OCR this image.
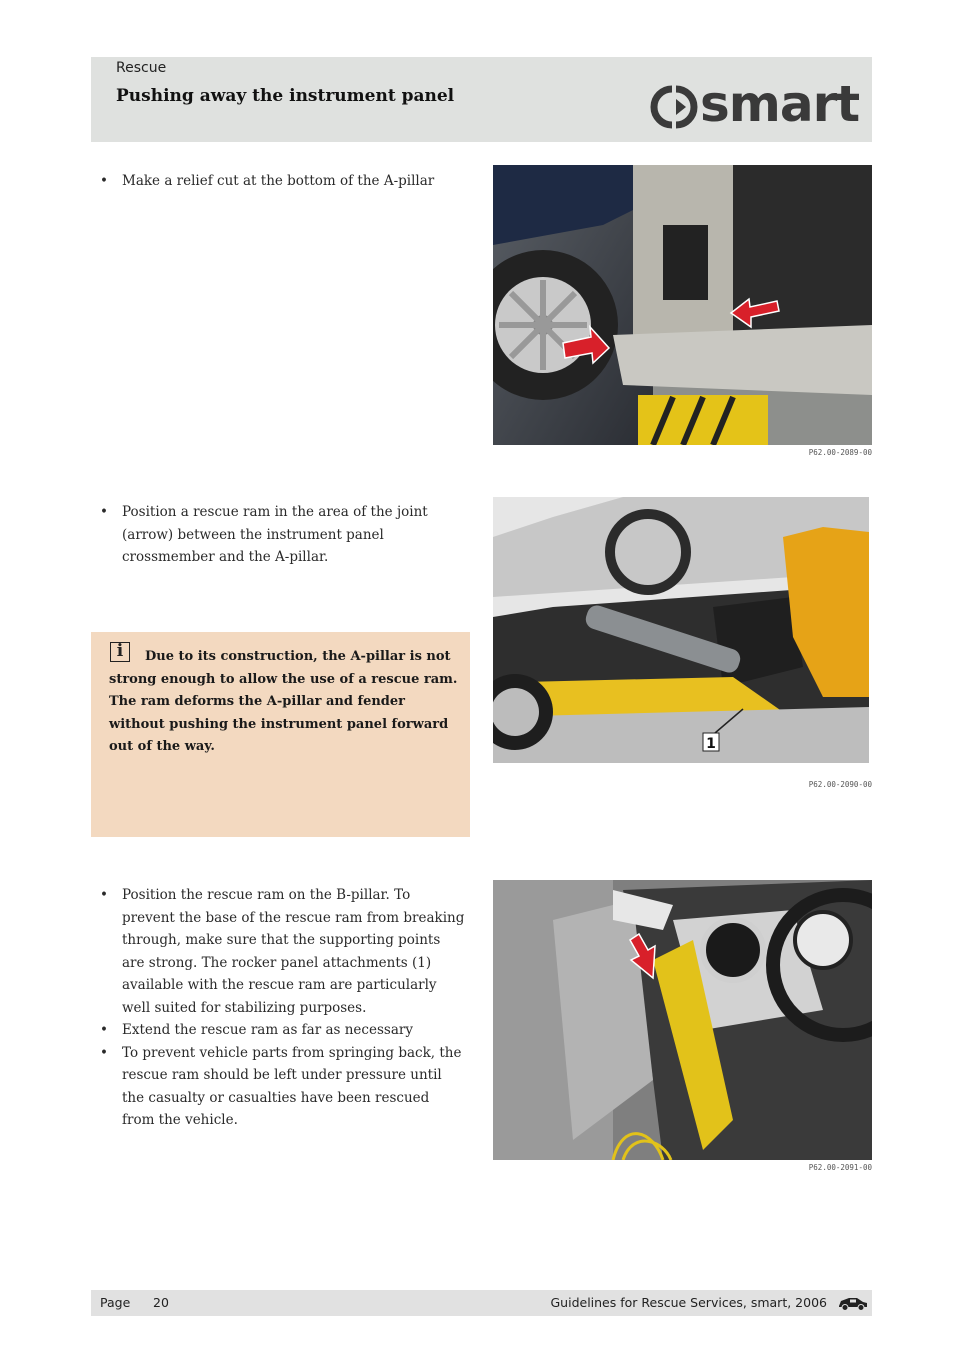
Rescue
Pushing away the instrument panel	smart
• Make a relief cut at the bottom of the A-pillar
P62.00-2089-00
• Position a rescue ram in the area of the joint (arrow) between the instrument panel crossmember and the A-pillar.
1
P62.00-2090-00
i	Due to its construction, the A-pillar is not strong enough to allow the use of a rescue ram. The ram deforms the A-pillar and fender without pushing the instrument panel forward out of the way.

• Position the rescue ram on the B-pillar. To prevent the base of the rescue ram from breaking through, make sure that the supporting points are strong. The rocker panel attachments (1) available with the rescue ram are particularly well suited for stabilizing purposes.
• Extend the rescue ram as far as necessary
• To prevent vehicle parts from springing back, the rescue ram should be left under pressure until the casualty or casualties have been rescued from the vehicle.
P62.00-2091-00
Page 20	Guidelines for Rescue Services, smart, 2006
